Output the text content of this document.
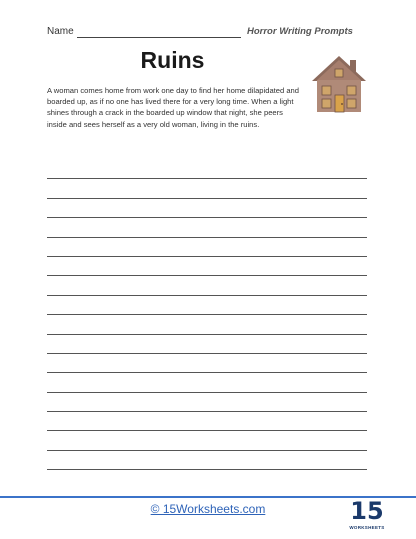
Name	Horror Writing Prompts
Ruins
A woman comes home from work one day to find her home dilapidated and boarded up, as if no one has lived there for a very long time. When a light shines through a crack in the boarded up window that night, she peers inside and sees herself as a very old woman, living in the ruins.
© 15Worksheets.com	15
WORKSHEETS
